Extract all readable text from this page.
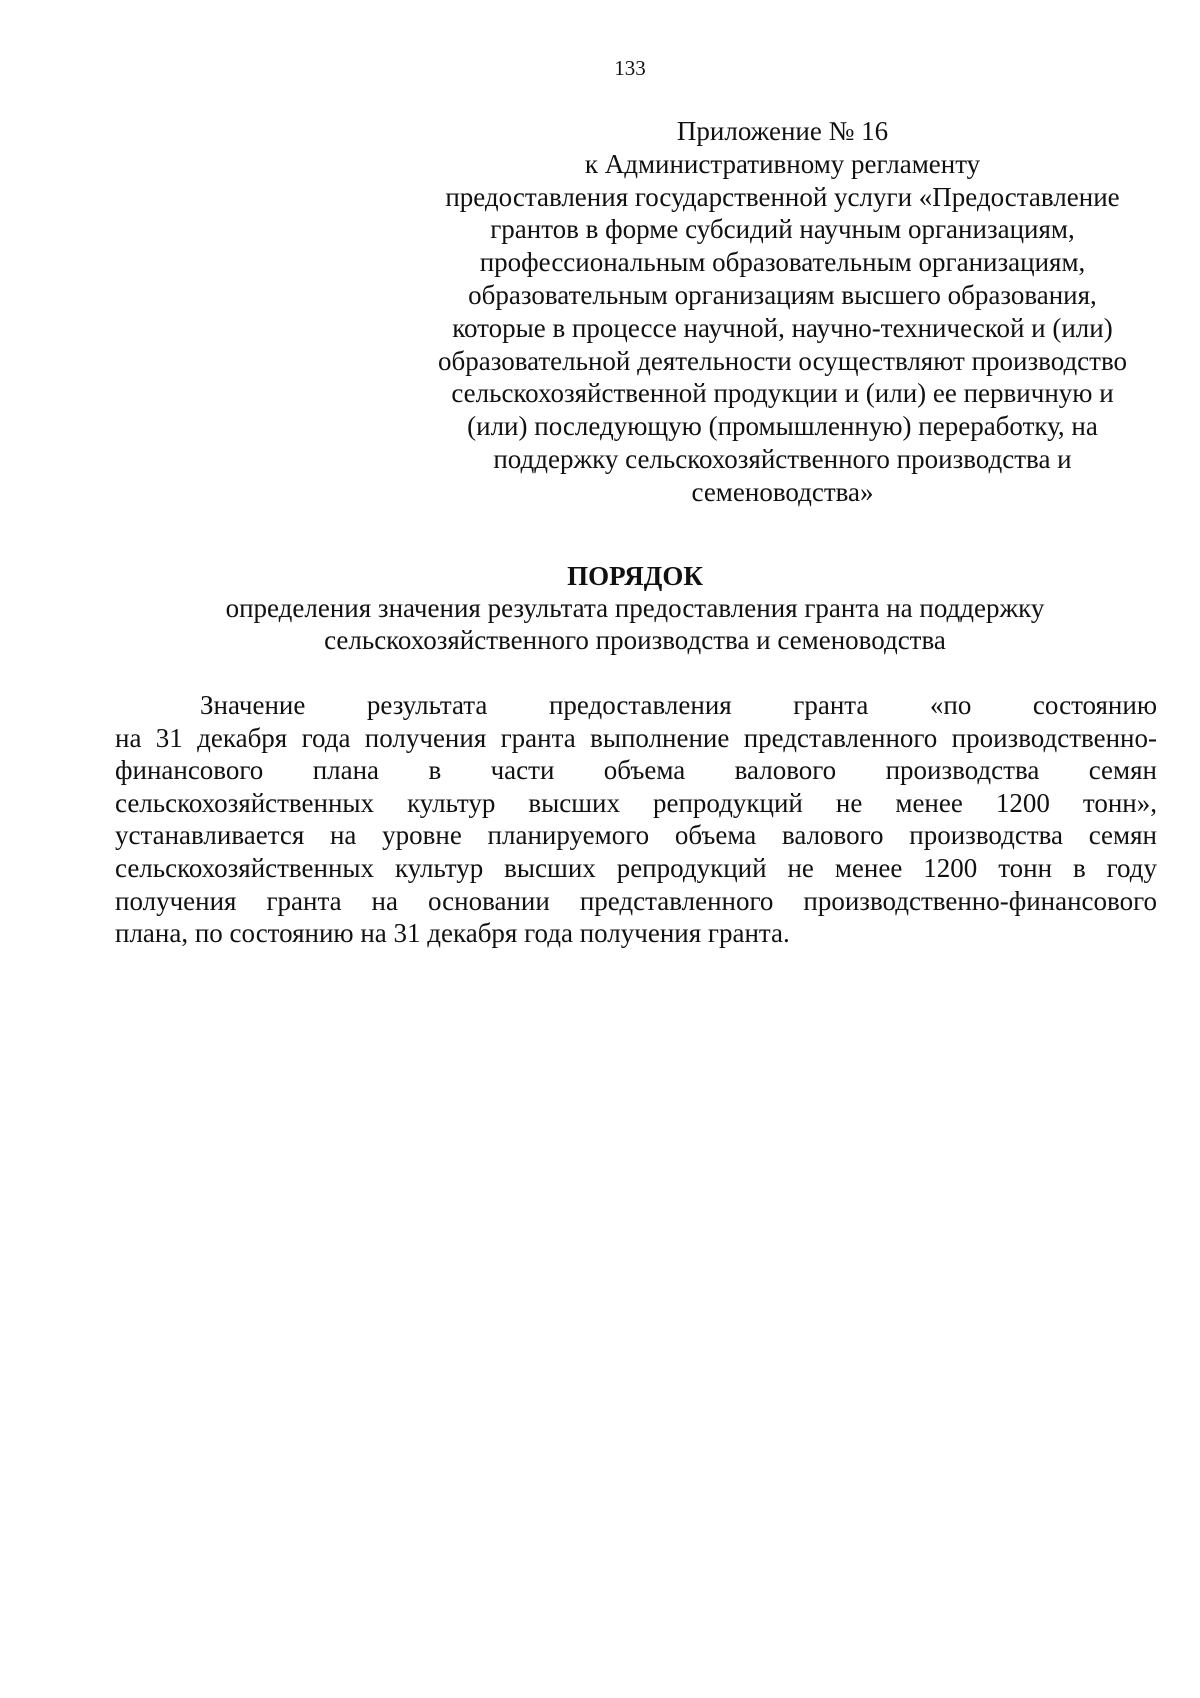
133
Приложение № 16
к Административному регламенту
предоставления государственной услуги «Предоставление
грантов в форме субсидий научным организациям,
профессиональным образовательным организациям,
образовательным организациям высшего образования,
которые в процессе научной, научно-технической и (или)
образовательной деятельности осуществляют производство
сельскохозяйственной продукции и (или) ее первичную и
(или) последующую (промышленную) переработку, на
поддержку сельскохозяйственного производства и
семеноводства»
ПОРЯДОК
определения значения результата предоставления гранта на поддержку
сельскохозяйственного производства и семеноводства
Значение результата предоставления гранта «по состоянию
на 31 декабря года получения гранта выполнение представленного производственно-
финансового плана в части объема валового производства семян
сельскохозяйственных культур высших репродукций не менее 1200 тонн»,
устанавливается на уровне планируемого объема валового производства семян
сельскохозяйственных культур высших репродукций не менее 1200 тонн в году
получения гранта на основании представленного производственно-финансового
плана, по состоянию на 31 декабря года получения гранта.
